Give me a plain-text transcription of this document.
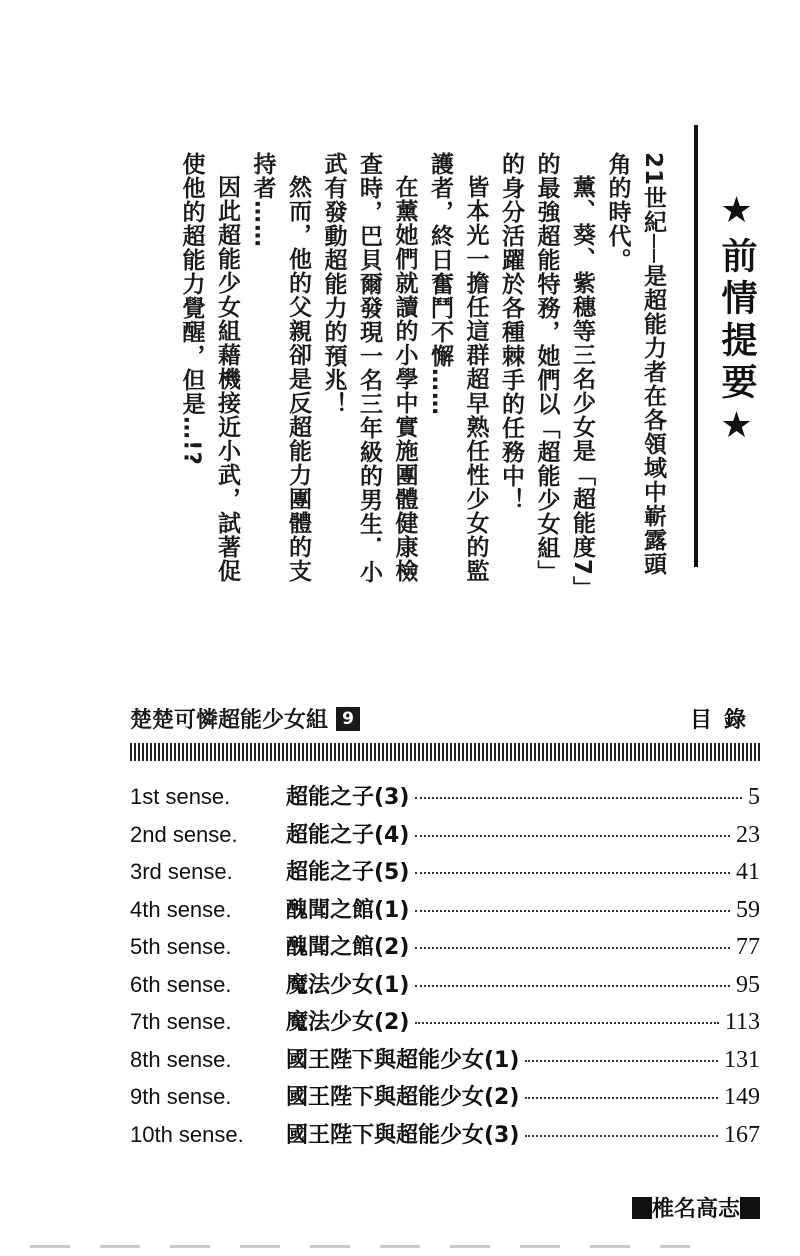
★前情提要★

21世紀──是超能力者在各領域中嶄露頭角的時代。

薰、葵、紫穗等三名少女是「超能度7」的最強超能特務，她們以「超能少女組」的身分活躍於各種棘手的任務中！

皆本光一擔任這群超早熟任性少女的監護者，終日奮鬥不懈……

在薰她們就讀的小學中實施團體健康檢查時，巴貝爾發現一名三年級的男生．小武有發動超能力的預兆！

然而，他的父親卻是反超能力團體的支持者……

因此超能少女組藉機接近小武，試著促使他的超能力覺醒，但是…!?

楚楚可憐超能少女組 9	目錄
1st sense.	超能之子(3)	5
2nd sense.	超能之子(4)	23
3rd sense.	超能之子(5)	41
4th sense.	醜聞之館(1)	59
5th sense.	醜聞之館(2)	77
6th sense.	魔法少女(1)	95
7th sense.	魔法少女(2)	113
8th sense.	國王陛下與超能少女(1)	131
9th sense.	國王陛下與超能少女(2)	149
10th sense.	國王陛下與超能少女(3)	167
椎名高志
